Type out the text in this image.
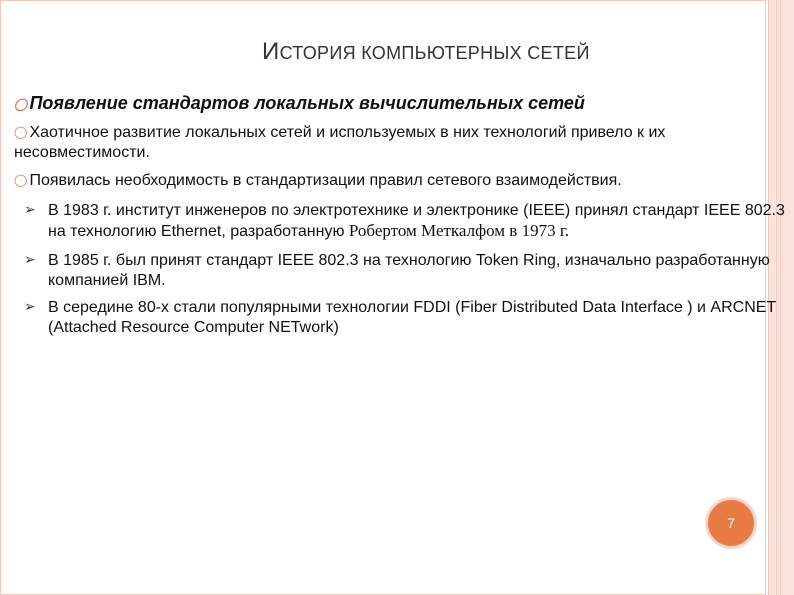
ИСТОРИЯ КОМПЬЮТЕРНЫХ СЕТЕЙ
◯ Появление стандартов локальных вычислительных сетей
◯ Хаотичное развитие локальных сетей и используемых в них технологий привело к их несовместимости.
◯ Появилась необходимость в стандартизации правил сетевого взаимодействия.
➢ В 1983 г. институт инженеров по электротехнике и электронике (IEEE) принял стандарт IEEE 802.3 на технологию Ethernet, разработанную Робертом Меткалфом в 1973 г.
➢ В 1985 г. был принят стандарт IEEE 802.3 на технологию Token Ring, изначально разработанную компанией IBM.
➢ В середине 80-х стали популярными технологии FDDI (Fiber Distributed Data Interface ) и ARCNET (Attached Resource Computer NETwork)
7
